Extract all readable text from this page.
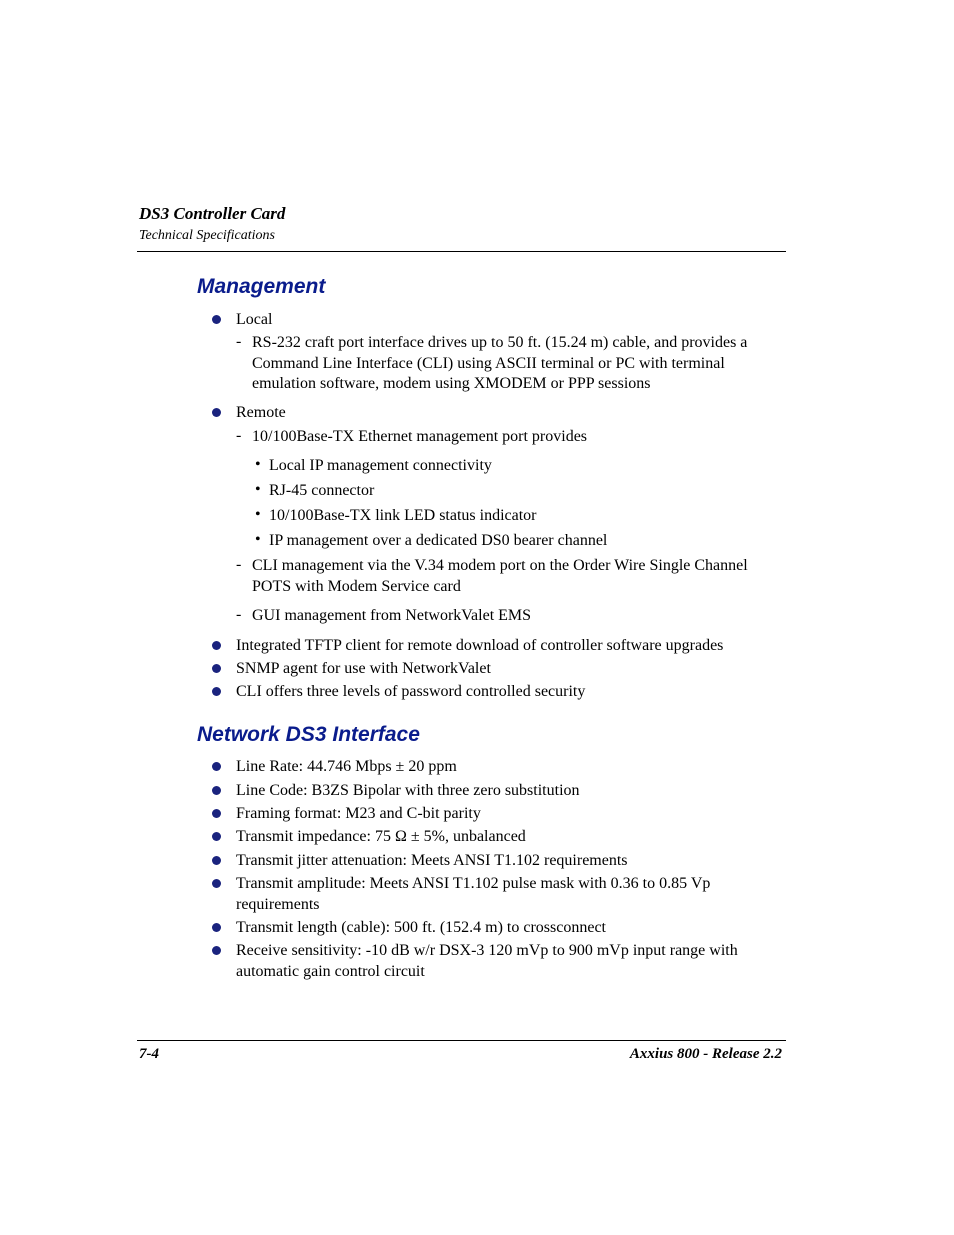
DS3 Controller Card
Technical Specifications
Management
Local
- RS-232 craft port interface drives up to 50 ft. (15.24 m) cable, and provides a
Command Line Interface (CLI) using ASCII terminal or PC with terminal
emulation software, modem using XMODEM or PPP sessions
Remote
- 10/100Base-TX Ethernet management port provides
• Local IP management connectivity
• RJ-45 connector
• 10/100Base-TX link LED status indicator
• IP management over a dedicated DS0 bearer channel
- CLI management via the V.34 modem port on the Order Wire Single Channel
POTS with Modem Service card
- GUI management from NetworkValet EMS
Integrated TFTP client for remote download of controller software upgrades
SNMP agent for use with NetworkValet
CLI offers three levels of password controlled security
Network DS3 Interface
Line Rate: 44.746 Mbps ± 20 ppm
Line Code: B3ZS Bipolar with three zero substitution
Framing format: M23 and C-bit parity
Transmit impedance: 75 Ω ± 5%, unbalanced
Transmit jitter attenuation: Meets ANSI T1.102 requirements
Transmit amplitude: Meets ANSI T1.102 pulse mask with 0.36 to 0.85 Vp
requirements
Transmit length (cable): 500 ft. (152.4 m) to crossconnect
Receive sensitivity: -10 dB w/r DSX-3 120 mVp to 900 mVp input range with
automatic gain control circuit
7-4	Axxius 800 - Release 2.2
